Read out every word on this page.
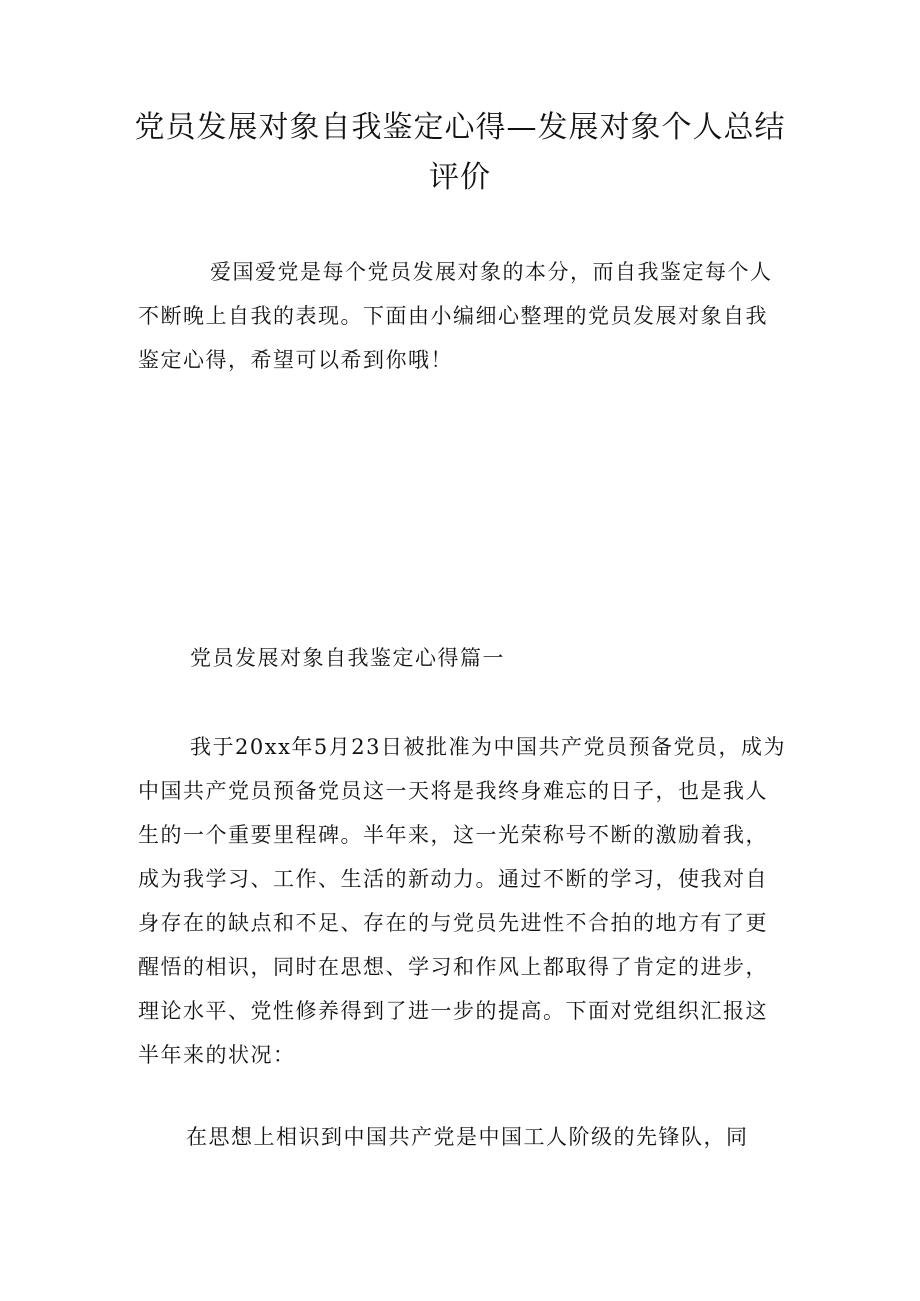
党员发展对象自我鉴定心得—发展对象个人总结
评价

爱国爱党是每个党员发展对象的本分，而自我鉴定每个人
不断晚上自我的表现。下面由小编细心整理的党员发展对象自我
鉴定心得，希望可以希到你哦！

党员发展对象自我鉴定心得篇一

我于20xx年5月23日被批准为中国共产党员预备党员，成为
中国共产党员预备党员这一天将是我终身难忘的日子，也是我人
生的一个重要里程碑。半年来，这一光荣称号不断的激励着我，
成为我学习、工作、生活的新动力。通过不断的学习，使我对自
身存在的缺点和不足、存在的与党员先进性不合拍的地方有了更
醒悟的相识，同时在思想、学习和作风上都取得了肯定的进步，
理论水平、党性修养得到了进一步的提高。下面对党组织汇报这
半年来的状况：

在思想上相识到中国共产党是中国工人阶级的先锋队，同
